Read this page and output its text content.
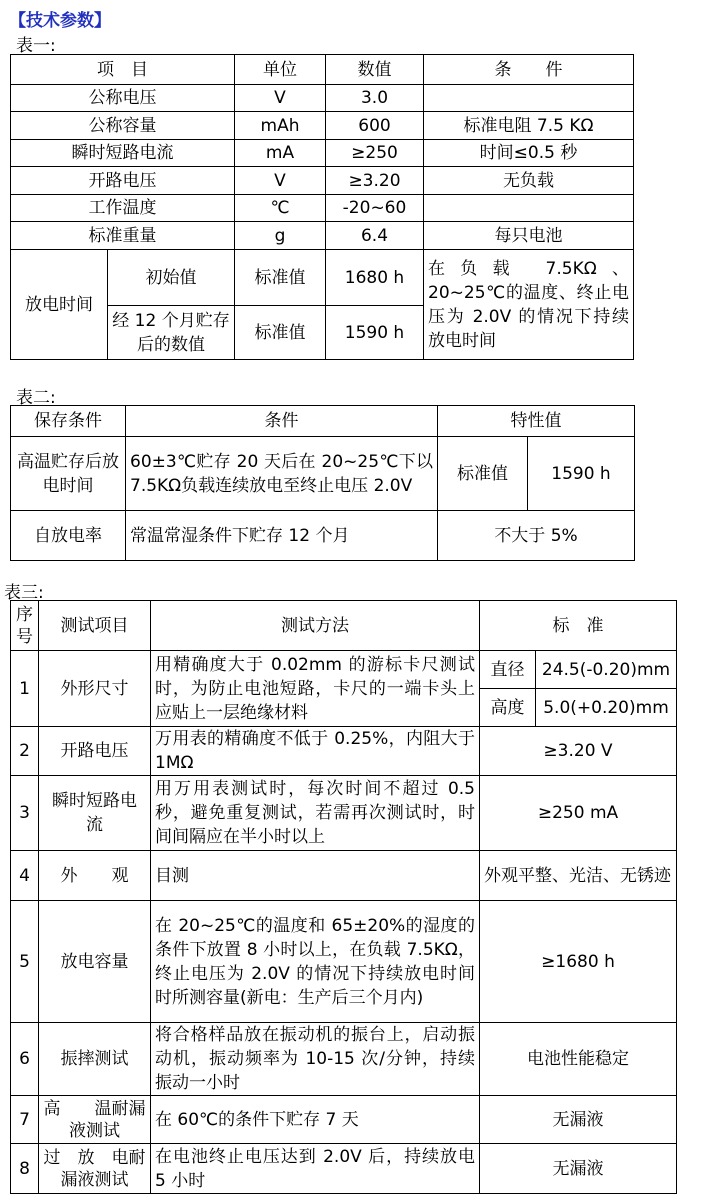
【技术参数】
表一:
项　目		单位	数值	条　　件
公称电压		V	3.0	
公称容量		mAh	600	标准电阻 7.5 KΩ
瞬时短路电流		mA	≥250	时间≤0.5 秒
开路电压		V	≥3.20	无负载
工作温度		℃	-20~60	
标准重量		g	6.4	每只电池
放电时间	初始值	标准值	1680 h	在负载 7.5KΩ、20~25℃的温度、终止电压为 2.0V 的情况下持续放电时间
	经 12 个月贮存后的数值	标准值	1590 h	
表二:
保存条件	条件	特性值	
高温贮存后放电时间	60±3℃贮存 20 天后在 20~25℃下以 7.5KΩ负载连续放电至终止电压 2.0V	标准值	1590 h
自放电率	常温常湿条件下贮存 12 个月	不大于 5%	
表三:
序号	测试项目	测试方法	标　准	
1	外形尺寸	用精确度大于 0.02mm 的游标卡尺测试时，为防止电池短路，卡尺的一端卡头上应贴上一层绝缘材料	直径	24.5(-0.20)mm
			高度	5.0(+0.20)mm
2	开路电压	万用表的精确度不低于 0.25%，内阻大于 1MΩ	≥3.20 V	
3	瞬时短路电　　流	用万用表测试时，每次时间不超过 0.5 秒，避免重复测试，若需再次测试时，时间间隔应在半小时以上	≥250 mA	
4	外　　观	目测	外观平整、光洁、无锈迹	
5	放电容量	在 20~25℃的温度和 65±20%的湿度的条件下放置 8 小时以上，在负载 7.5KΩ，终止电压为 2.0V 的情况下持续放电时间时所测容量(新电：生产后三个月内)	≥1680 h	
6	振摔测试	将合格样品放在振动机的振台上，启动振动机，振动频率为 10-15 次/分钟，持续振动一小时	电池性能稳定	
7	高　　温耐漏液测试	在 60℃的条件下贮存 7 天	无漏液	
8	过　放　电耐漏液测试	在电池终止电压达到 2.0V 后，持续放电 5 小时	无漏液	
